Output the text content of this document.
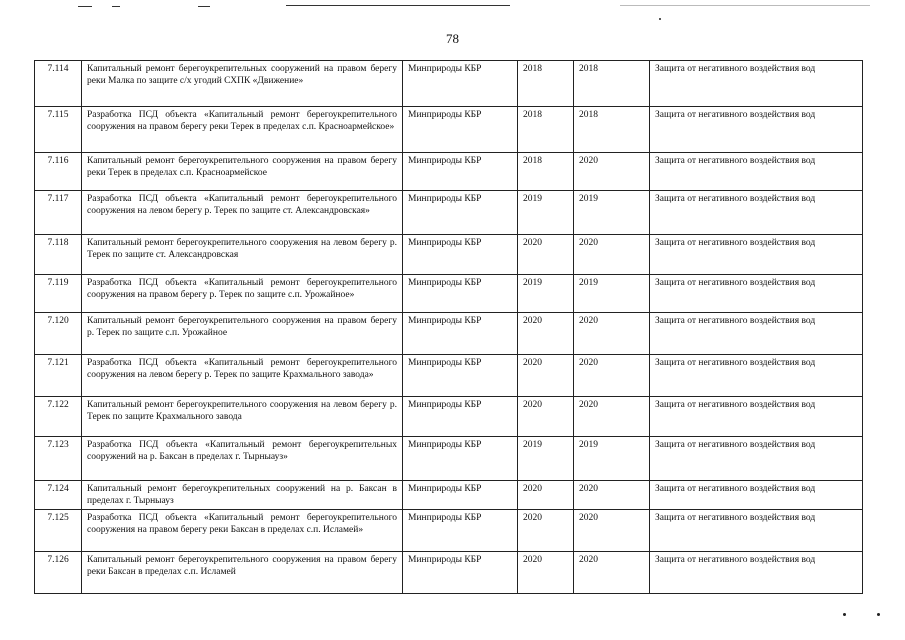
78
7.114	Капитальный ремонт берегоукрепительных сооружений на правом берегу реки Малка по защите с/х угодий СХПК «Движение»	Минприроды КБР	2018	2018	Защита от негативного воздействия вод
7.115	Разработка ПСД объекта «Капитальный ремонт берегоукрепительного сооружения на правом берегу реки Терек в пределах с.п. Красноармейское»	Минприроды КБР	2018	2018	Защита от негативного воздействия вод
7.116	Капитальный ремонт берегоукрепительного сооружения на правом берегу реки Терек в пределах с.п. Красноармейское	Минприроды КБР	2018	2020	Защита от негативного воздействия вод
7.117	Разработка ПСД объекта «Капитальный ремонт берегоукрепительного сооружения на левом берегу р. Терек по защите ст. Александровская»	Минприроды КБР	2019	2019	Защита от негативного воздействия вод
7.118	Капитальный ремонт берегоукрепительного сооружения на левом берегу р. Терек по защите ст. Александровская	Минприроды КБР	2020	2020	Защита от негативного воздействия вод
7.119	Разработка ПСД объекта «Капитальный ремонт берегоукрепительного сооружения на правом берегу р. Терек по защите с.п. Урожайное»	Минприроды КБР	2019	2019	Защита от негативного воздействия вод
7.120	Капитальный ремонт берегоукрепительного сооружения на правом берегу р. Терек по защите с.п. Урожайное	Минприроды КБР	2020	2020	Защита от негативного воздействия вод
7.121	Разработка ПСД объекта «Капитальный ремонт берегоукрепительного сооружения на левом берегу р. Терек по защите Крахмального завода»	Минприроды КБР	2020	2020	Защита от негативного воздействия вод
7.122	Капитальный ремонт берегоукрепительного сооружения на левом берегу р. Терек по защите Крахмального завода	Минприроды КБР	2020	2020	Защита от негативного воздействия вод
7.123	Разработка ПСД объекта «Капитальный ремонт берегоукрепительных сооружений на р. Баксан в пределах г. Тырныауз»	Минприроды КБР	2019	2019	Защита от негативного воздействия вод
7.124	Капитальный ремонт берегоукрепительных сооружений на р. Баксан в пределах г. Тырныауз	Минприроды КБР	2020	2020	Защита от негативного воздействия вод
7.125	Разработка ПСД объекта «Капитальный ремонт берегоукрепительного сооружения на правом берегу реки Баксан в пределах с.п. Исламей»	Минприроды КБР	2020	2020	Защита от негативного воздействия вод
7.126	Капитальный ремонт берегоукрепительного сооружения на правом берегу реки Баксан в пределах с.п. Исламей	Минприроды КБР	2020	2020	Защита от негативного воздействия вод
